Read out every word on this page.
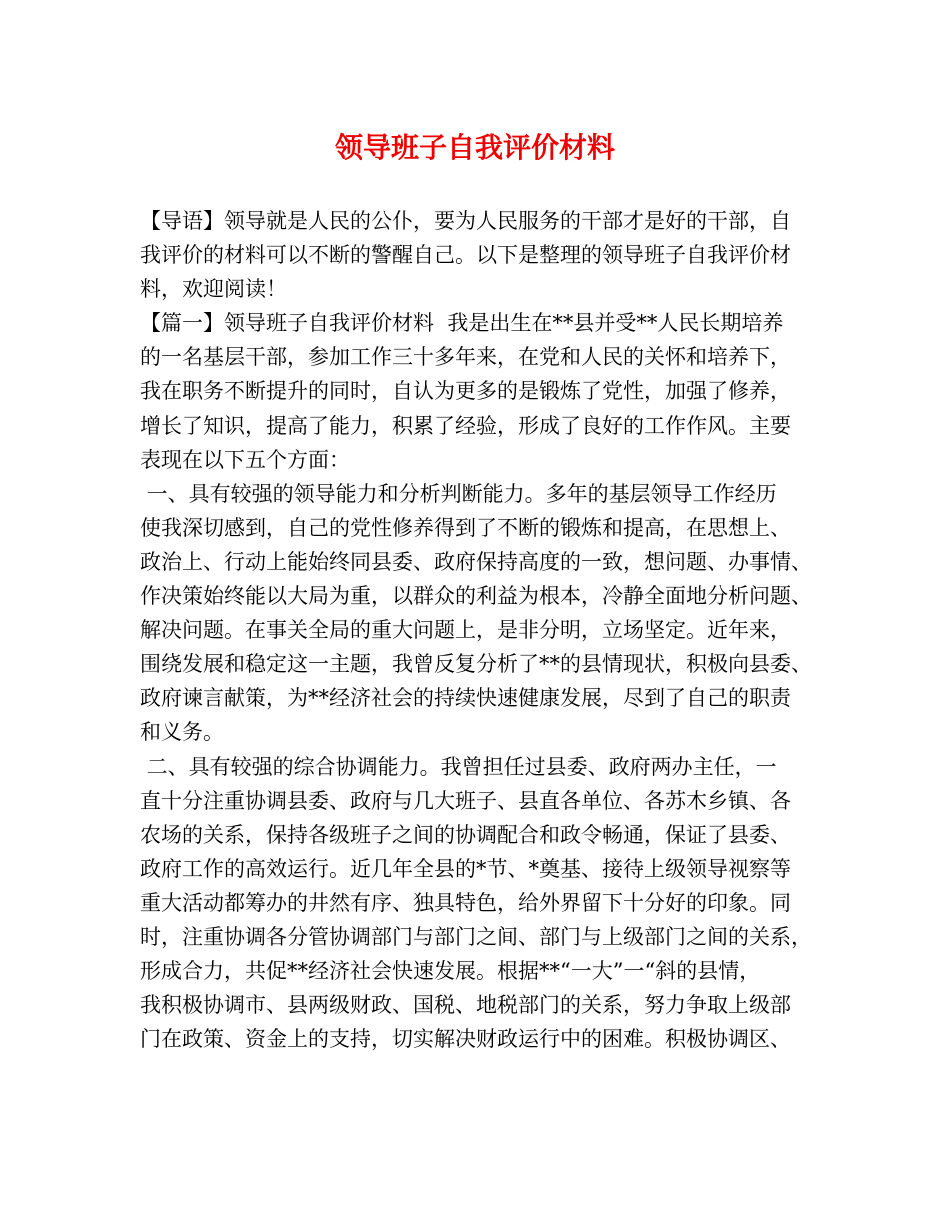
领导班子自我评价材料
【导语】领导就是人民的公仆，要为人民服务的干部才是好的干部，自
我评价的材料可以不断的警醒自己。以下是整理的领导班子自我评价材
料，欢迎阅读！
【篇一】领导班子自我评价材料  我是出生在**县并受**人民长期培养
的一名基层干部，参加工作三十多年来，在党和人民的关怀和培养下，
我在职务不断提升的同时，自认为更多的是锻炼了党性，加强了修养，
增长了知识，提高了能力，积累了经验，形成了良好的工作作风。主要
表现在以下五个方面：
一、具有较强的领导能力和分析判断能力。多年的基层领导工作经历
使我深切感到，自己的党性修养得到了不断的锻炼和提高，在思想上、
政治上、行动上能始终同县委、政府保持高度的一致，想问题、办事情、
作决策始终能以大局为重，以群众的利益为根本，冷静全面地分析问题、
解决问题。在事关全局的重大问题上，是非分明，立场坚定。近年来，
围绕发展和稳定这一主题，我曾反复分析了**的县情现状，积极向县委、
政府谏言献策，为**经济社会的持续快速健康发展，尽到了自己的职责
和义务。
二、具有较强的综合协调能力。我曾担任过县委、政府两办主任，一
直十分注重协调县委、政府与几大班子、县直各单位、各苏木乡镇、各
农场的关系，保持各级班子之间的协调配合和政令畅通，保证了县委、
政府工作的高效运行。近几年全县的*节、*奠基、接待上级领导视察等
重大活动都筹办的井然有序、独具特色，给外界留下十分好的印象。同
时，注重协调各分管协调部门与部门之间、部门与上级部门之间的关系，
形成合力，共促**经济社会快速发展。根据**“一大”一“斜的县情，
我积极协调市、县两级财政、国税、地税部门的关系，努力争取上级部
门在政策、资金上的支持，切实解决财政运行中的困难。积极协调区、
